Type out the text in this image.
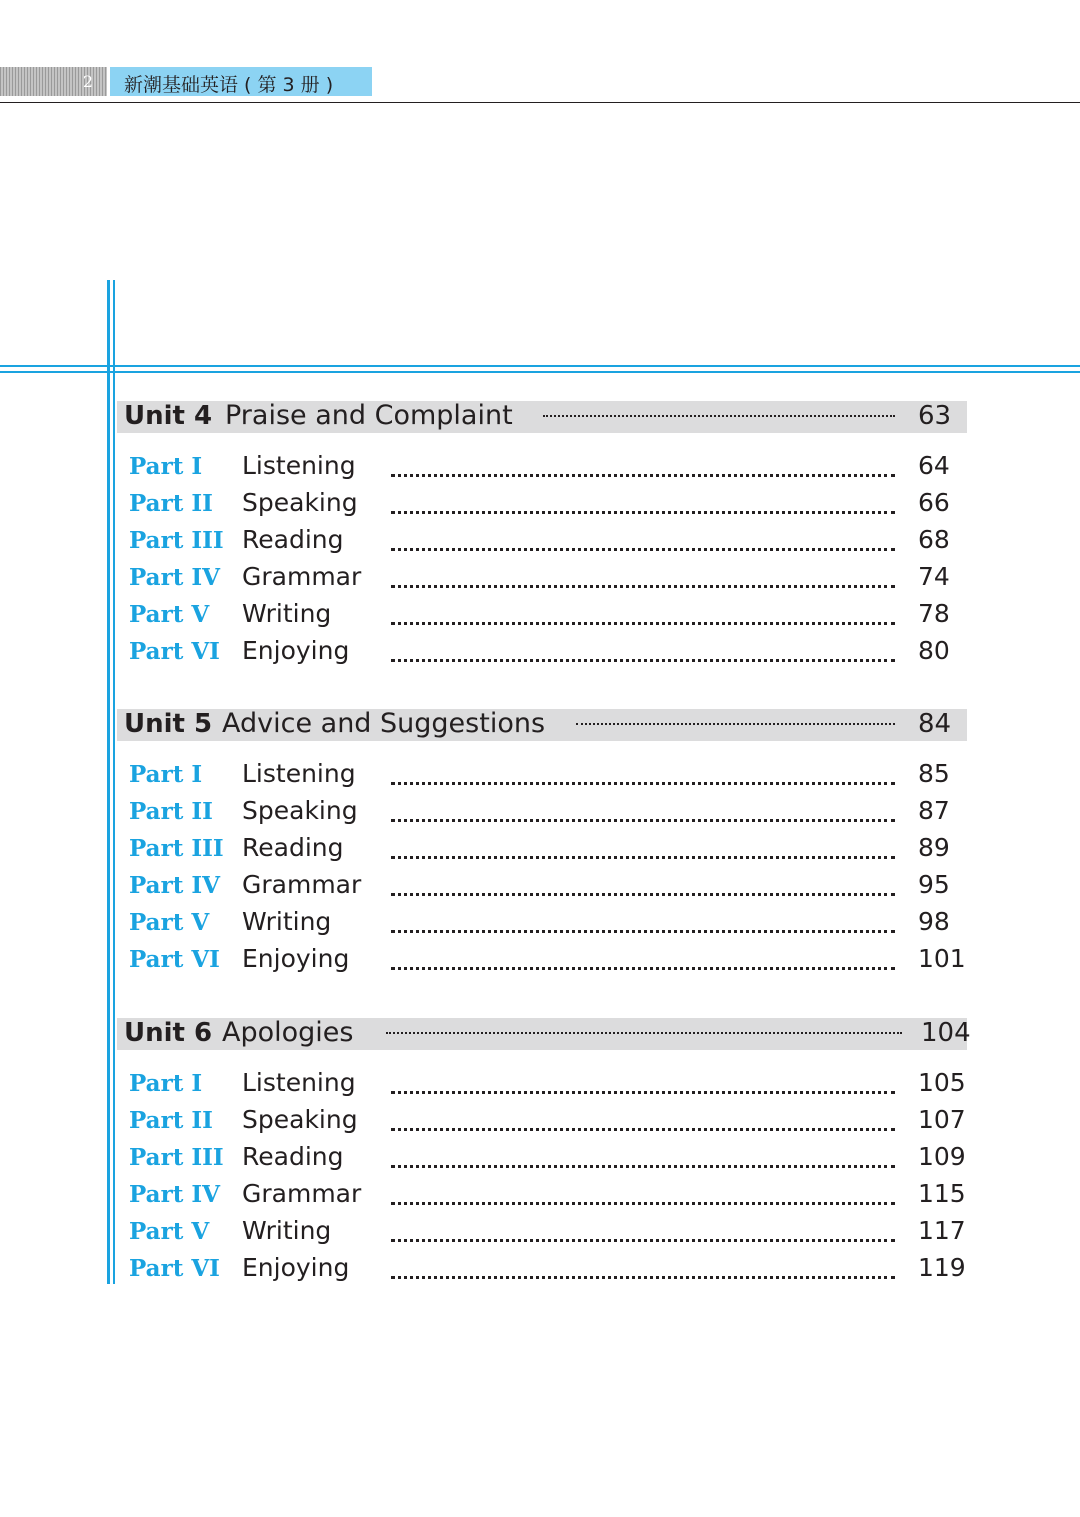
2 新潮基础英语 ( 第 3 册 )
Unit 4 Praise and Complaint	63
Part I Listening	64
Part II Speaking	66
Part III Reading	68
Part IV Grammar	74
Part V Writing	78
Part VI Enjoying	80
Unit 5 Advice and Suggestions	84
Part I Listening	85
Part II Speaking	87
Part III Reading	89
Part IV Grammar	95
Part V Writing	98
Part VI Enjoying	101
Unit 6 Apologies	104
Part I Listening	105
Part II Speaking	107
Part III Reading	109
Part IV Grammar	115
Part V Writing	117
Part VI Enjoying	119
